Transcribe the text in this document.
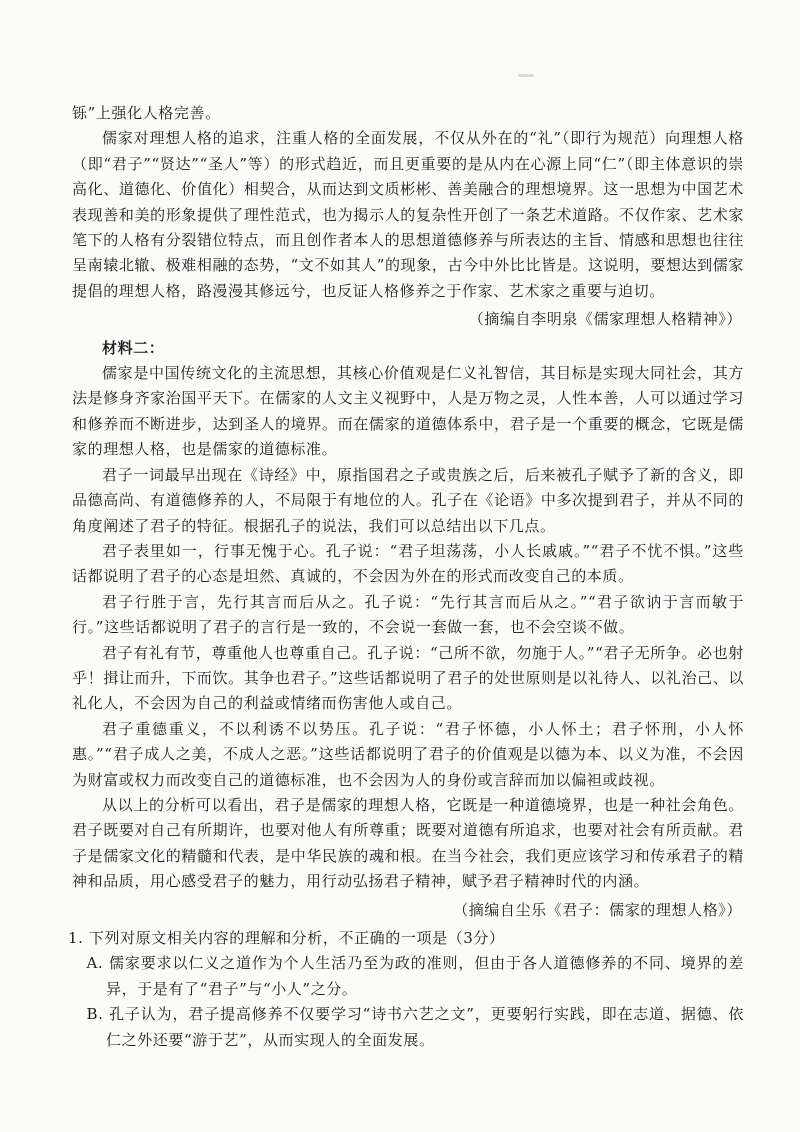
铄”上强化人格完善。

儒家对理想人格的追求，注重人格的全面发展，不仅从外在的“礼”（即行为规范）向理想人格（即“君子”“贤达”“圣人”等）的形式趋近，而且更重要的是从内在心源上同“仁”（即主体意识的崇高化、道德化、价值化）相契合，从而达到文质彬彬、善美融合的理想境界。这一思想为中国艺术表现善和美的形象提供了理性范式，也为揭示人的复杂性开创了一条艺术道路。不仅作家、艺术家笔下的人格有分裂错位特点，而且创作者本人的思想道德修养与所表达的主旨、情感和思想也往往呈南辕北辙、极难相融的态势，“文不如其人”的现象，古今中外比比皆是。这说明，要想达到儒家提倡的理想人格，路漫漫其修远兮，也反证人格修养之于作家、艺术家之重要与迫切。

（摘编自李明泉《儒家理想人格精神》）

材料二：

儒家是中国传统文化的主流思想，其核心价值观是仁义礼智信，其目标是实现大同社会，其方法是修身齐家治国平天下。在儒家的人文主义视野中，人是万物之灵，人性本善，人可以通过学习和修养而不断进步，达到圣人的境界。而在儒家的道德体系中，君子是一个重要的概念，它既是儒家的理想人格，也是儒家的道德标准。

君子一词最早出现在《诗经》中，原指国君之子或贵族之后，后来被孔子赋予了新的含义，即品德高尚、有道德修养的人，不局限于有地位的人。孔子在《论语》中多次提到君子，并从不同的角度阐述了君子的特征。根据孔子的说法，我们可以总结出以下几点。

君子表里如一，行事无愧于心。孔子说：“君子坦荡荡，小人长戚戚。”“君子不忧不惧。”这些话都说明了君子的心态是坦然、真诚的，不会因为外在的形式而改变自己的本质。

君子行胜于言，先行其言而后从之。孔子说：“先行其言而后从之。”“君子欲讷于言而敏于行。”这些话都说明了君子的言行是一致的，不会说一套做一套，也不会空谈不做。

君子有礼有节，尊重他人也尊重自己。孔子说：“己所不欲，勿施于人。”“君子无所争。必也射乎！揖让而升，下而饮。其争也君子。”这些话都说明了君子的处世原则是以礼待人、以礼治己、以礼化人，不会因为自己的利益或情绪而伤害他人或自己。

君子重德重义，不以利诱不以势压。孔子说：“君子怀德，小人怀土；君子怀刑，小人怀惠。”“君子成人之美，不成人之恶。”这些话都说明了君子的价值观是以德为本、以义为准，不会因为财富或权力而改变自己的道德标准，也不会因为人的身份或言辞而加以偏袒或歧视。

从以上的分析可以看出，君子是儒家的理想人格，它既是一种道德境界，也是一种社会角色。君子既要对自己有所期许，也要对他人有所尊重；既要对道德有所追求，也要对社会有所贡献。君子是儒家文化的精髓和代表，是中华民族的魂和根。在当今社会，我们更应该学习和传承君子的精神和品质，用心感受君子的魅力，用行动弘扬君子精神，赋予君子精神时代的内涵。

（摘编自尘乐《君子：儒家的理想人格》）

1. 下列对原文相关内容的理解和分析，不正确的一项是（3分）

A. 儒家要求以仁义之道作为个人生活乃至为政的准则，但由于各人道德修养的不同、境界的差异，于是有了“君子”与“小人”之分。

B. 孔子认为，君子提高修养不仅要学习“诗书六艺之文”，更要躬行实践，即在志道、据德、依仁之外还要“游于艺”，从而实现人的全面发展。
